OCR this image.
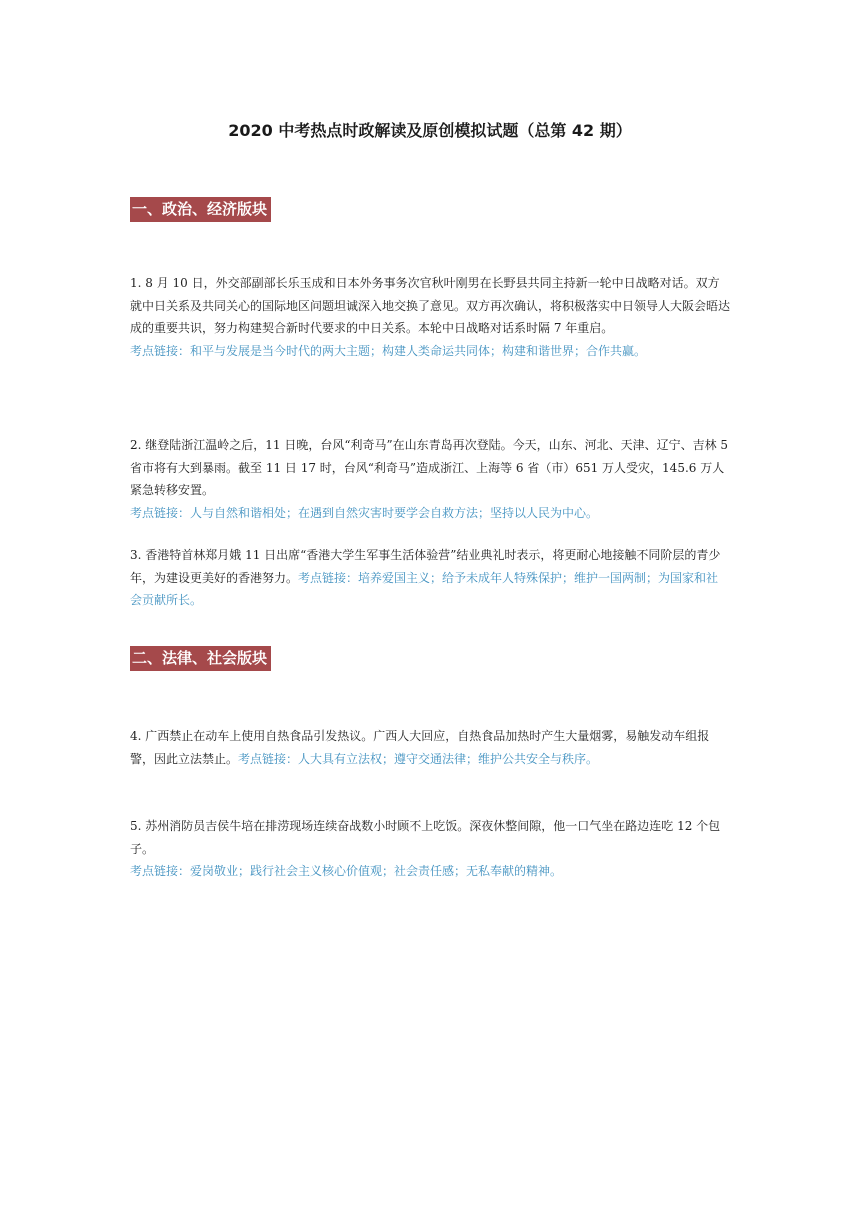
2020 中考热点时政解读及原创模拟试题（总第 42 期）
一、政治、经济版块

1. 8 月 10 日，外交部副部长乐玉成和日本外务事务次官秋叶刚男在长野县共同主持新一轮中日战略对话。双方就中日关系及共同关心的国际地区问题坦诚深入地交换了意见。双方再次确认，将积极落实中日领导人大阪会晤达成的重要共识，努力构建契合新时代要求的中日关系。本轮中日战略对话系时隔 7 年重启。
考点链接：和平与发展是当今时代的两大主题；构建人类命运共同体；构建和谐世界；合作共赢。

2. 继登陆浙江温岭之后，11 日晚，台风“利奇马”在山东青岛再次登陆。今天，山东、河北、天津、辽宁、吉林 5 省市将有大到暴雨。截至 11 日 17 时，台风“利奇马”造成浙江、上海等 6 省（市）651 万人受灾，145.6 万人紧急转移安置。
考点链接：人与自然和谐相处；在遇到自然灾害时要学会自救方法；坚持以人民为中心。

3. 香港特首林郑月娥 11 日出席“香港大学生军事生活体验营”结业典礼时表示，将更耐心地接触不同阶层的青少年，为建设更美好的香港努力。考点链接：培养爱国主义；给予未成年人特殊保护；维护一国两制；为国家和社会贡献所长。

二、法律、社会版块

4. 广西禁止在动车上使用自热食品引发热议。广西人大回应，自热食品加热时产生大量烟雾，易触发动车组报警，因此立法禁止。考点链接：人大具有立法权；遵守交通法律；维护公共安全与秩序。

5. 苏州消防员吉侯牛培在排涝现场连续奋战数小时顾不上吃饭。深夜休整间隙，他一口气坐在路边连吃 12 个包子。
考点链接：爱岗敬业；践行社会主义核心价值观；社会责任感；无私奉献的精神。
